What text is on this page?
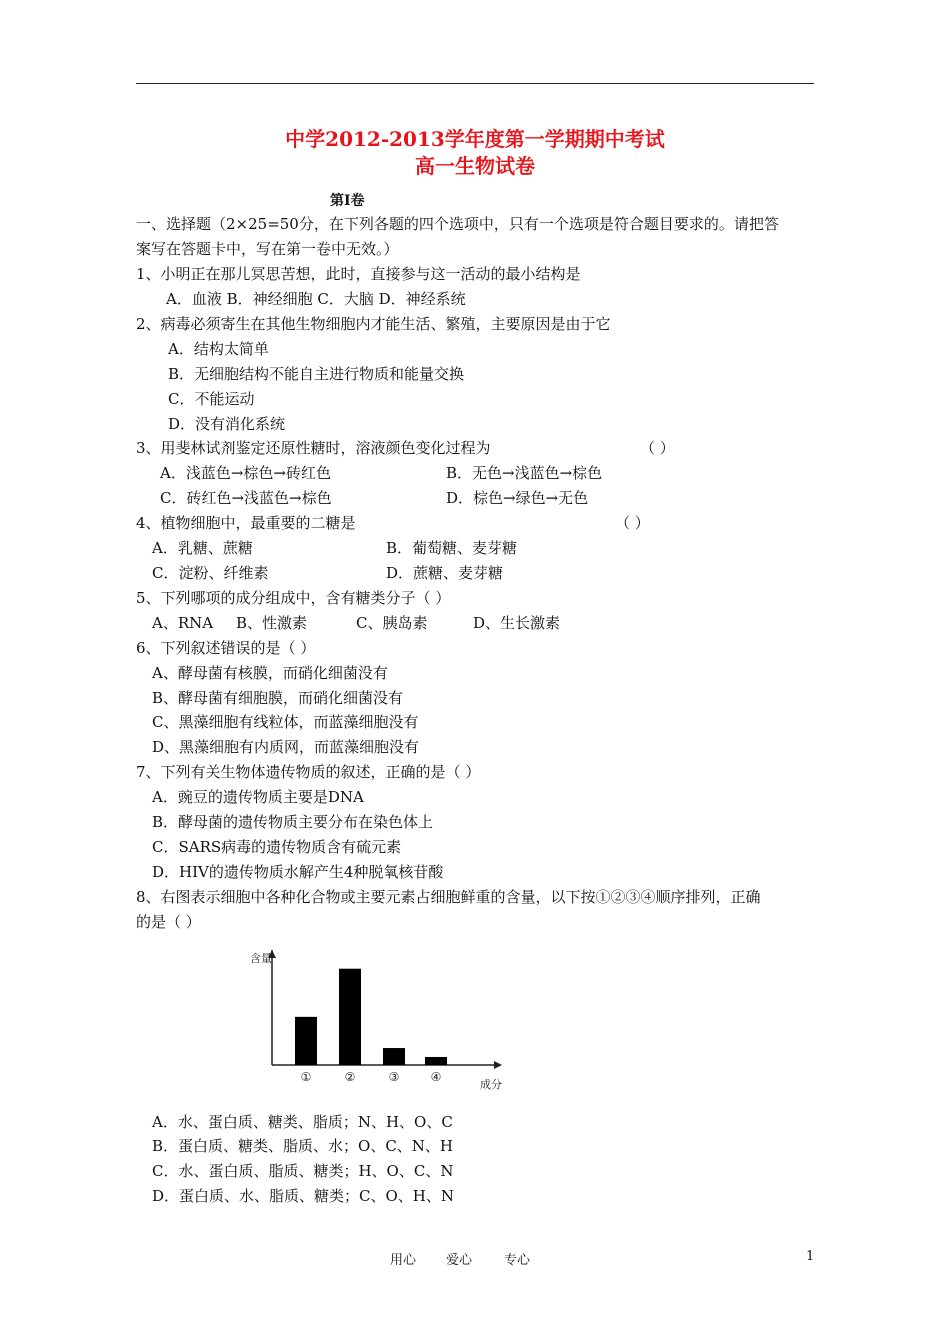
中学2012-2013学年度第一学期期中考试
高一生物试卷
第Ⅰ卷
一、选择题（2×25=50分，在下列各题的四个选项中，只有一个选项是符合题目要求的。请把答
案写在答题卡中，写在第一卷中无效。）
1、小明正在那儿冥思苦想，此时，直接参与这一活动的最小结构是
A．血液 B．神经细胞 C．大脑 D．神经系统
2、病毒必须寄生在其他生物细胞内才能生活、繁殖，主要原因是由于它
A．结构太简单
B．无细胞结构不能自主进行物质和能量交换
C．不能运动
D．没有消化系统
3、用斐林试剂鉴定还原性糖时，溶液颜色变化过程为	（ ）
A．浅蓝色→棕色→砖红色	B．无色→浅蓝色→棕色
C．砖红色→浅蓝色→棕色	D．棕色→绿色→无色
4、植物细胞中，最重要的二糖是	（ ）
A．乳糖、蔗糖	B．葡萄糖、麦芽糖
C．淀粉、纤维素	D．蔗糖、麦芽糖
5、下列哪项的成分组成中，含有糖类分子（ ）
A、RNA B、性激素	C、胰岛素	D、生长激素
6、下列叙述错误的是（ ）
A、酵母菌有核膜，而硝化细菌没有
B、酵母菌有细胞膜，而硝化细菌没有
C、黑藻细胞有线粒体，而蓝藻细胞没有
D、黑藻细胞有内质网，而蓝藻细胞没有
7、下列有关生物体遗传物质的叙述，正确的是（ ）
A．豌豆的遗传物质主要是DNA
B．酵母菌的遗传物质主要分布在染色体上
C．SARS病毒的遗传物质含有硫元素
D．HIV的遗传物质水解产生4种脱氧核苷酸
8、右图表示细胞中各种化合物或主要元素占细胞鲜重的含量，以下按①②③④顺序排列，正确
的是（ ）
含量
成分
①	②	③	④
A．水、蛋白质、糖类、脂质；N、H、O、C
B．蛋白质、糖类、脂质、水；O、C、N、H
C．水、蛋白质、脂质、糖类；H、O、C、N
D．蛋白质、水、脂质、糖类；C、O、H、N
用心 爱心 专心	1
